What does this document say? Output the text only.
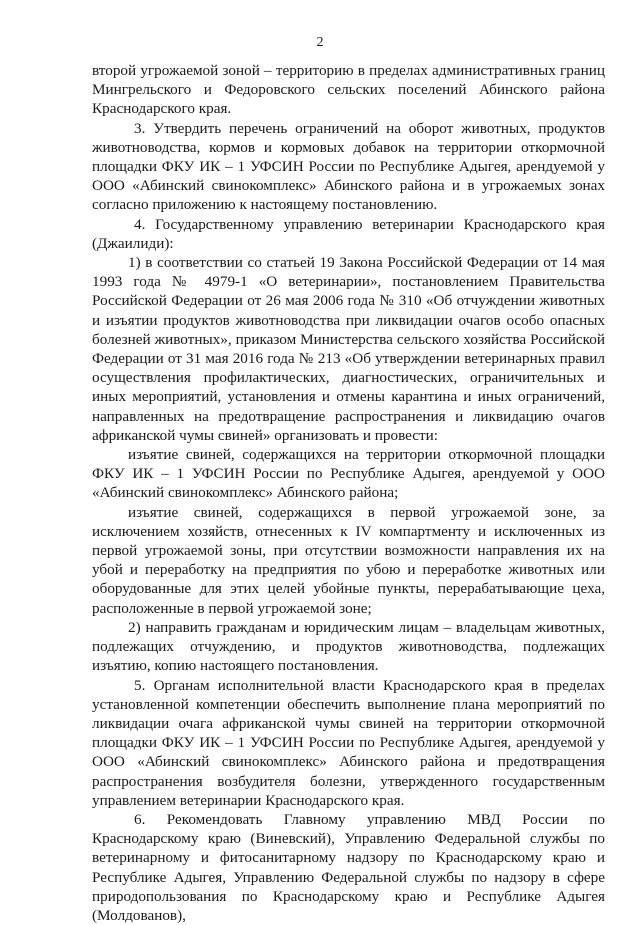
2

второй угрожаемой зоной – территорию в пределах административных границ Мингрельского и Федоровского сельских поселений Абинского района Краснодарского края.

3. Утвердить перечень ограничений на оборот животных, продуктов животноводства, кормов и кормовых добавок на территории откормочной площадки ФКУ ИК – 1 УФСИН России по Республике Адыгея, арендуемой у ООО «Абинский свинокомплекс» Абинского района и в угрожаемых зонах согласно приложению к настоящему постановлению.

4. Государственному управлению ветеринарии Краснодарского края (Джаилиди):

1) в соответствии со статьей 19 Закона Российской Федерации от 14 мая 1993 года № 4979-1 «О ветеринарии», постановлением Правительства Российской Федерации от 26 мая 2006 года № 310 «Об отчуждении животных и изъятии продуктов животноводства при ликвидации очагов особо опасных болезней животных», приказом Министерства сельского хозяйства Российской Федерации от 31 мая 2016 года № 213 «Об утверждении ветеринарных правил осуществления профилактических, диагностических, ограничительных и иных мероприятий, установления и отмены карантина и иных ограничений, направленных на предотвращение распространения и ликвидацию очагов африканской чумы свиней» организовать и провести:

изъятие свиней, содержащихся на территории откормочной площадки ФКУ ИК – 1 УФСИН России по Республике Адыгея, арендуемой у ООО «Абинский свинокомплекс» Абинского района;

изъятие свиней, содержащихся в первой угрожаемой зоне, за исключением хозяйств, отнесенных к IV компартменту и исключенных из первой угрожаемой зоны, при отсутствии возможности направления их на убой и переработку на предприятия по убою и переработке животных или оборудованные для этих целей убойные пункты, перерабатывающие цеха, расположенные в первой угрожаемой зоне;

2) направить гражданам и юридическим лицам – владельцам животных, подлежащих отчуждению, и продуктов животноводства, подлежащих изъятию, копию настоящего постановления.

5. Органам исполнительной власти Краснодарского края в пределах установленной компетенции обеспечить выполнение плана мероприятий по ликвидации очага африканской чумы свиней на территории откормочной площадки ФКУ ИК – 1 УФСИН России по Республике Адыгея, арендуемой у ООО «Абинский свинокомплекс» Абинского района и предотвращения распространения возбудителя болезни, утвержденного государственным управлением ветеринарии Краснодарского края.

6. Рекомендовать Главному управлению МВД России по Краснодарскому краю (Виневский), Управлению Федеральной службы по ветеринарному и фитосанитарному надзору по Краснодарскому краю и Республике Адыгея, Управлению Федеральной службы по надзору в сфере природопользования по Краснодарскому краю и Республике Адыгея (Молдованов),
